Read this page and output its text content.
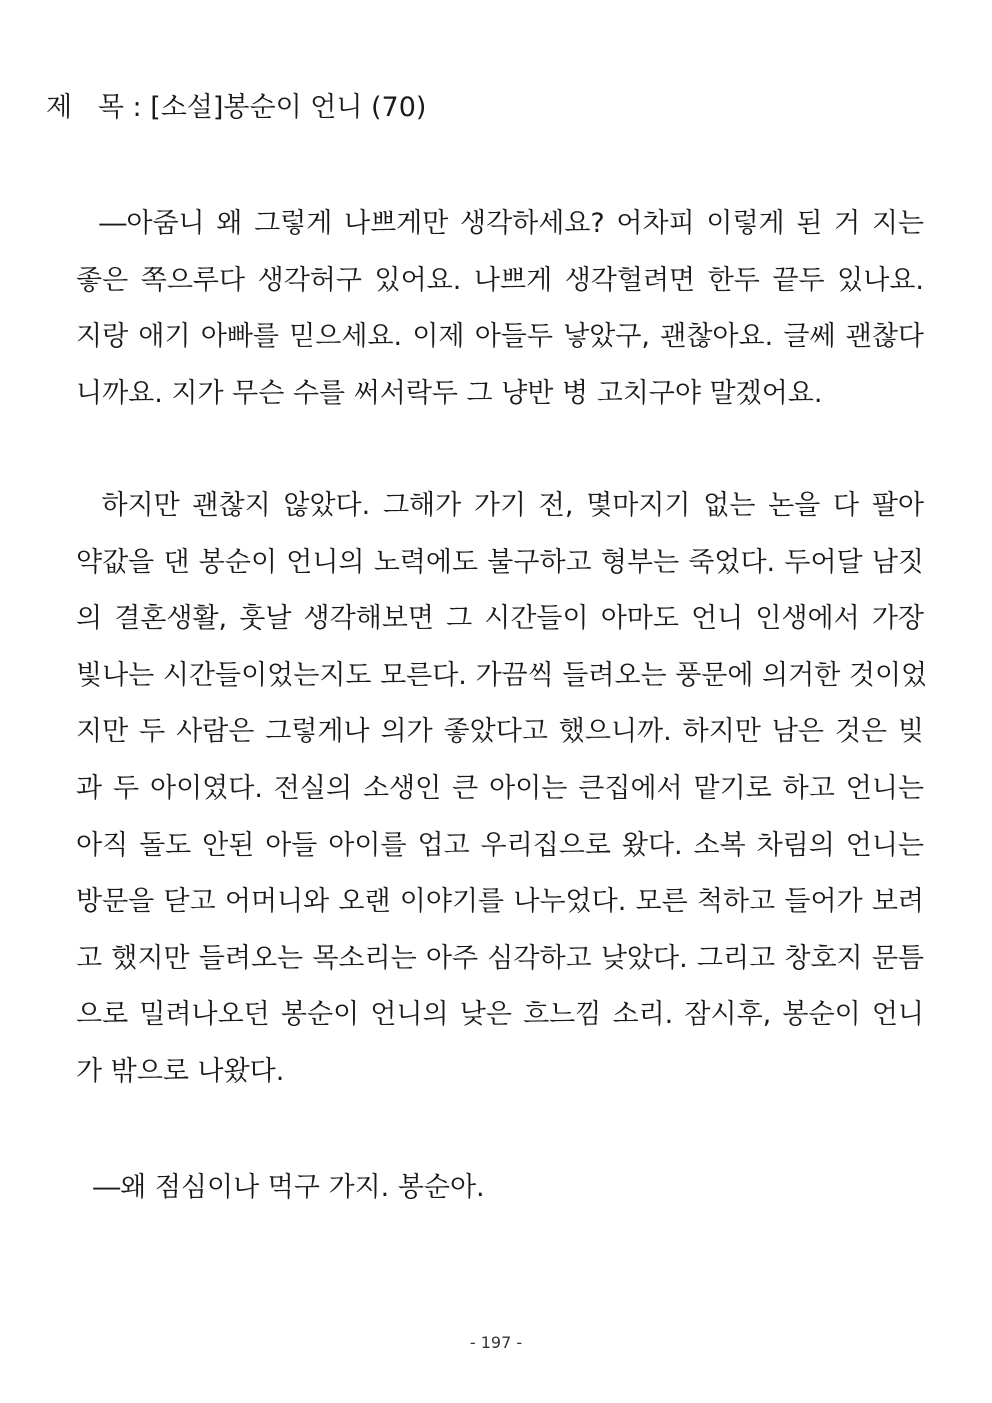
제   목 : [소설]봉순이 언니 (70)
―아줌니 왜 그렇게 나쁘게만 생각하세요? 어차피 이렇게 된 거 지는
좋은 쪽으루다 생각허구 있어요. 나쁘게 생각헐려면 한두 끝두 있나요.
지랑 애기 아빠를 믿으세요. 이제 아들두 낳았구, 괜찮아요. 글쎄 괜찮다
니까요. 지가 무슨 수를 써서락두 그 냥반 병 고치구야 말겠어요.
하지만 괜찮지 않았다. 그해가 가기 전, 몇마지기 없는 논을 다 팔아
약값을 댄 봉순이 언니의 노력에도 불구하고 형부는 죽었다. 두어달 남짓
의 결혼생활, 훗날 생각해보면 그 시간들이 아마도 언니 인생에서 가장
빛나는 시간들이었는지도 모른다. 가끔씩 들려오는 풍문에 의거한 것이었
지만 두 사람은 그렇게나 의가 좋았다고 했으니까. 하지만 남은 것은 빚
과 두 아이였다. 전실의 소생인 큰 아이는 큰집에서 맡기로 하고 언니는
아직 돌도 안된 아들 아이를 업고 우리집으로 왔다. 소복 차림의 언니는
방문을 닫고 어머니와 오랜 이야기를 나누었다. 모른 척하고 들어가 보려
고 했지만 들려오는 목소리는 아주 심각하고 낮았다. 그리고 창호지 문틈
으로 밀려나오던 봉순이 언니의 낮은 흐느낌 소리. 잠시후, 봉순이 언니
가 밖으로 나왔다.
―왜 점심이나 먹구 가지. 봉순아.
- 197 -
